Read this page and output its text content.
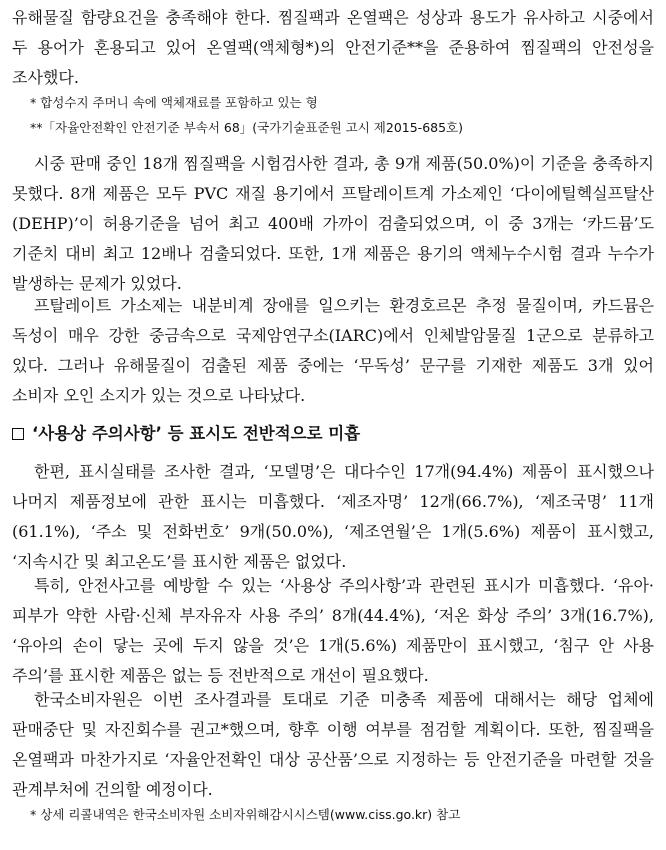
유해물질 함량요건을 충족해야 한다. 찜질팩과 온열팩은 성상과 용도가 유사하고 시중에서 두 용어가 혼용되고 있어 온열팩(액체형*)의 안전기준**을 준용하여 찜질팩의 안전성을 조사했다.

* 합성수지 주머니 속에 액체재료를 포함하고 있는 형

**「자율안전확인 안전기준 부속서 68」(국가기술표준원 고시 제2015-685호)

시중 판매 중인 18개 찜질팩을 시험검사한 결과, 총 9개 제품(50.0%)이 기준을 충족하지 못했다. 8개 제품은 모두 PVC 재질 용기에서 프탈레이트계 가소제인 ‘다이에틸헥실프탈산(DEHP)’이 허용기준을 넘어 최고 400배 가까이 검출되었으며, 이 중 3개는 ‘카드뮴’도 기준치 대비 최고 12배나 검출되었다. 또한, 1개 제품은 용기의 액체누수시험 결과 누수가 발생하는 문제가 있었다.

프탈레이트 가소제는 내분비계 장애를 일으키는 환경호르몬 추정 물질이며, 카드뮴은 독성이 매우 강한 중금속으로 국제암연구소(IARC)에서 인체발암물질 1군으로 분류하고 있다. 그러나 유해물질이 검출된 제품 중에는 ‘무독성’ 문구를 기재한 제품도 3개 있어 소비자 오인 소지가 있는 것으로 나타났다.

‘사용상 주의사항’ 등 표시도 전반적으로 미흡

한편, 표시실태를 조사한 결과, ‘모델명’은 대다수인 17개(94.4%) 제품이 표시했으나 나머지 제품정보에 관한 표시는 미흡했다. ‘제조자명’ 12개(66.7%), ‘제조국명’ 11개(61.1%), ‘주소 및 전화번호’ 9개(50.0%), ‘제조연월’은 1개(5.6%) 제품이 표시했고, ‘지속시간 및 최고온도’를 표시한 제품은 없었다.

특히, 안전사고를 예방할 수 있는 ‘사용상 주의사항’과 관련된 표시가 미흡했다. ‘유아·피부가 약한 사람·신체 부자유자 사용 주의’ 8개(44.4%), ‘저온 화상 주의’ 3개(16.7%), ‘유아의 손이 닿는 곳에 두지 않을 것’은 1개(5.6%) 제품만이 표시했고, ‘침구 안 사용 주의’를 표시한 제품은 없는 등 전반적으로 개선이 필요했다.

한국소비자원은 이번 조사결과를 토대로 기준 미충족 제품에 대해서는 해당 업체에 판매중단 및 자진회수를 권고*했으며, 향후 이행 여부를 점검할 계획이다. 또한, 찜질팩을 온열팩과 마찬가지로 ‘자율안전확인 대상 공산품’으로 지정하는 등 안전기준을 마련할 것을 관계부처에 건의할 예정이다.

* 상세 리콜내역은 한국소비자원 소비자위해감시시스템(www.ciss.go.kr) 참고
